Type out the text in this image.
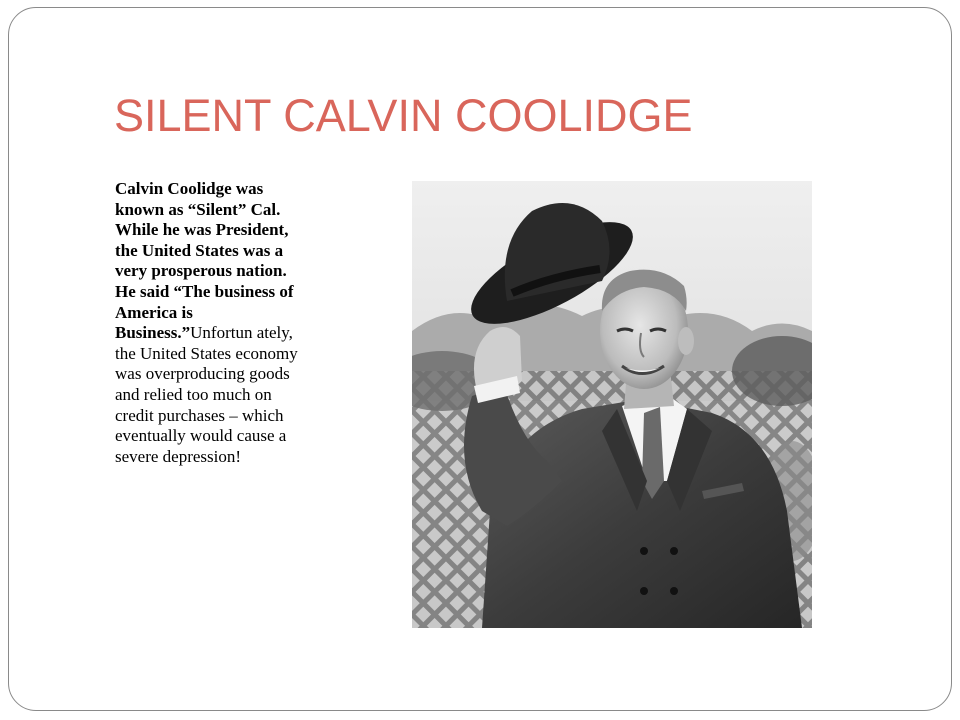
SILENT CALVIN COOLIDGE
Calvin Coolidge was known as “Silent” Cal. While he was President, the United States was a very prosperous nation. He said “The business of America is Business.”Unfortun ately, the United States economy was overproducing goods and relied too much on credit purchases – which eventually would cause a severe depression!
